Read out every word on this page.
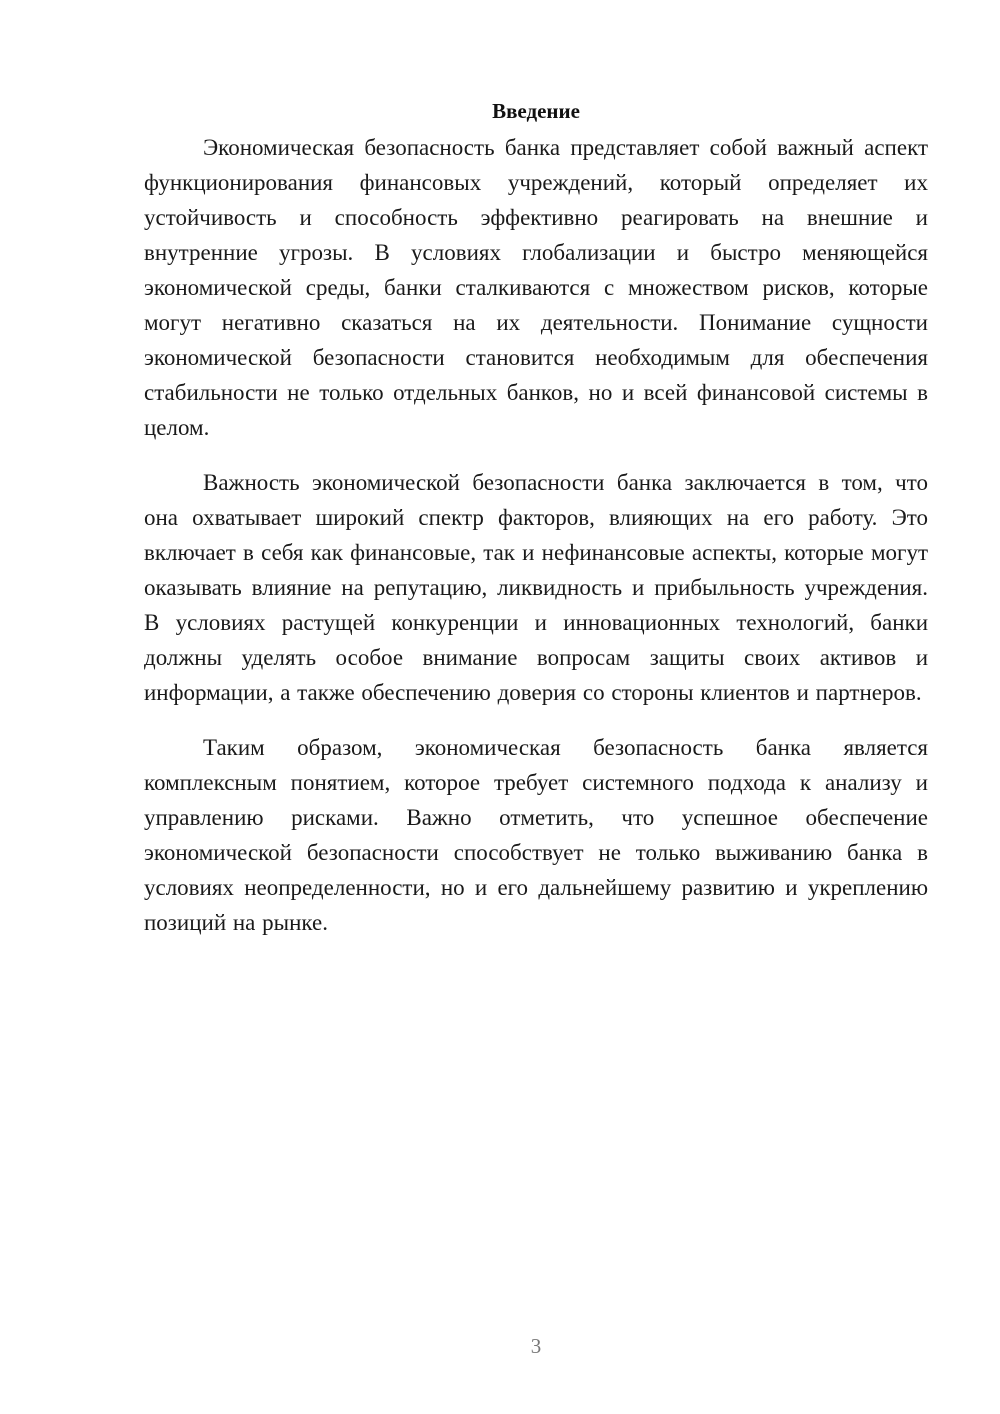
Введение

Экономическая безопасность банка представляет собой важный аспект функционирования финансовых учреждений, который определяет их устойчивость и способность эффективно реагировать на внешние и внутренние угрозы. В условиях глобализации и быстро меняющейся экономической среды, банки сталкиваются с множеством рисков, которые могут негативно сказаться на их деятельности. Понимание сущности экономической безопасности становится необходимым для обеспечения стабильности не только отдельных банков, но и всей финансовой системы в целом.

Важность экономической безопасности банка заключается в том, что она охватывает широкий спектр факторов, влияющих на его работу. Это включает в себя как финансовые, так и нефинансовые аспекты, которые могут оказывать влияние на репутацию, ликвидность и прибыльность учреждения. В условиях растущей конкуренции и инновационных технологий, банки должны уделять особое внимание вопросам защиты своих активов и информации, а также обеспечению доверия со стороны клиентов и партнеров.

Таким образом, экономическая безопасность банка является комплексным понятием, которое требует системного подхода к анализу и управлению рисками. Важно отметить, что успешное обеспечение экономической безопасности способствует не только выживанию банка в условиях неопределенности, но и его дальнейшему развитию и укреплению позиций на рынке.

3
